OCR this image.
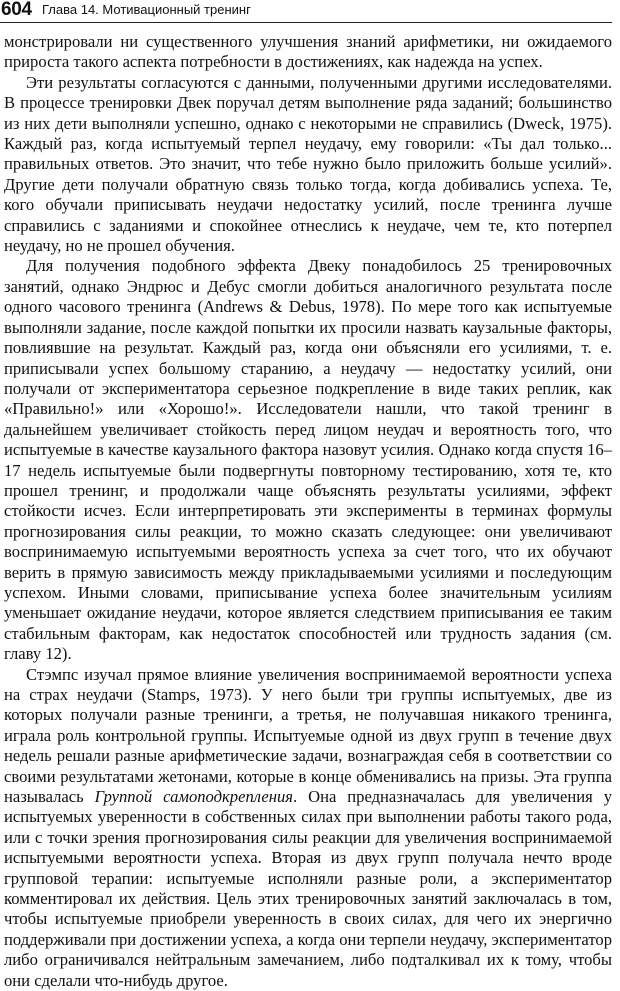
604 Глава 14. Мотивационный тренинг

монстрировали ни существенного улучшения знаний арифметики, ни ожидаемого прироста такого аспекта потребности в достижениях, как надежда на успех.

Эти результаты согласуются с данными, полученными другими исследователями. В процессе тренировки Двек поручал детям выполнение ряда заданий; большинство из них дети выполняли успешно, однако с некоторыми не справились (Dweck, 1975). Каждый раз, когда испытуемый терпел неудачу, ему говорили: «Ты дал только... правильных ответов. Это значит, что тебе нужно было приложить больше усилий». Другие дети получали обратную связь только тогда, когда добивались успеха. Те, кого обучали приписывать неудачи недостатку усилий, после тренинга лучше справились с заданиями и спокойнее отнеслись к неудаче, чем те, кто потерпел неудачу, но не прошел обучения.

Для получения подобного эффекта Двеку понадобилось 25 тренировочных занятий, однако Эндрюс и Дебус смогли добиться аналогичного результата после одного часового тренинга (Andrews & Debus, 1978). По мере того как испытуемые выполняли задание, после каждой попытки их просили назвать каузальные факторы, повлиявшие на результат. Каждый раз, когда они объясняли его усилиями, т. е. приписывали успех большому старанию, а неудачу — недостатку усилий, они получали от экспериментатора серьезное подкрепление в виде таких реплик, как «Правильно!» или «Хорошо!». Исследователи нашли, что такой тренинг в дальнейшем увеличивает стойкость перед лицом неудач и вероятность того, что испытуемые в качестве каузального фактора назовут усилия. Однако когда спустя 16–17 недель испытуемые были подвергнуты повторному тестированию, хотя те, кто прошел тренинг, и продолжали чаще объяснять результаты усилиями, эффект стойкости исчез. Если интерпретировать эти эксперименты в терминах формулы прогнозирования силы реакции, то можно сказать следующее: они увеличивают воспринимаемую испытуемыми вероятность успеха за счет того, что их обучают верить в прямую зависимость между прикладываемыми усилиями и последующим успехом. Иными словами, приписывание успеха более значительным усилиям уменьшает ожидание неудачи, которое является следствием приписывания ее таким стабильным факторам, как недостаток способностей или трудность задания (см. главу 12).

Стэмпс изучал прямое влияние увеличения воспринимаемой вероятности успеха на страх неудачи (Stamps, 1973). У него были три группы испытуемых, две из которых получали разные тренинги, а третья, не получавшая никакого тренинга, играла роль контрольной группы. Испытуемые одной из двух групп в течение двух недель решали разные арифметические задачи, вознаграждая себя в соответствии со своими результатами жетонами, которые в конце обменивались на призы. Эта группа называлась Группой самоподкрепления. Она предназначалась для увеличения у испытуемых уверенности в собственных силах при выполнении работы такого рода, или с точки зрения прогнозирования силы реакции для увеличения воспринимаемой испытуемыми вероятности успеха. Вторая из двух групп получала нечто вроде групповой терапии: испытуемые исполняли разные роли, а экспериментатор комментировал их действия. Цель этих тренировочных занятий заключалась в том, чтобы испытуемые приобрели уверенность в своих силах, для чего их энергично поддерживали при достижении успеха, а когда они терпели неудачу, экспериментатор либо ограничивался нейтральным замечанием, либо подталкивал их к тому, чтобы они сделали что-нибудь другое.
